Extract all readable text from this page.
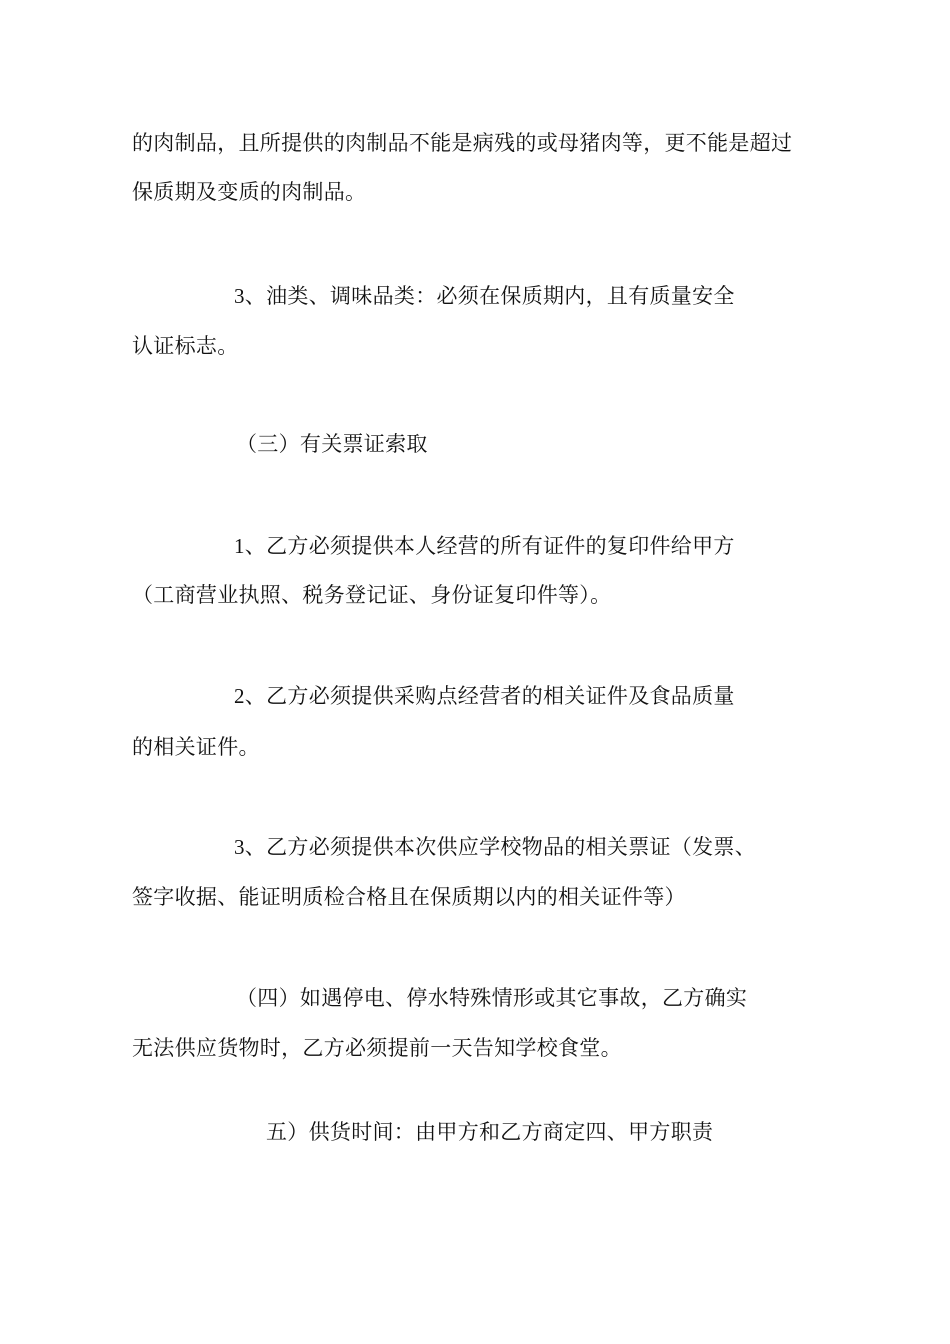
的肉制品，且所提供的肉制品不能是病残的或母猪肉等，更不能是超过
保质期及变质的肉制品。
3、油类、调味品类：必须在保质期内，且有质量安全
认证标志。
（三）有关票证索取
1、乙方必须提供本人经营的所有证件的复印件给甲方
（工商营业执照、税务登记证、身份证复印件等）。
2、乙方必须提供采购点经营者的相关证件及食品质量
的相关证件。
3、乙方必须提供本次供应学校物品的相关票证（发票、
签字收据、能证明质检合格且在保质期以内的相关证件等）
（四）如遇停电、停水特殊情形或其它事故，乙方确实
无法供应货物时，乙方必须提前一天告知学校食堂。
五）供货时间：由甲方和乙方商定四、甲方职责
